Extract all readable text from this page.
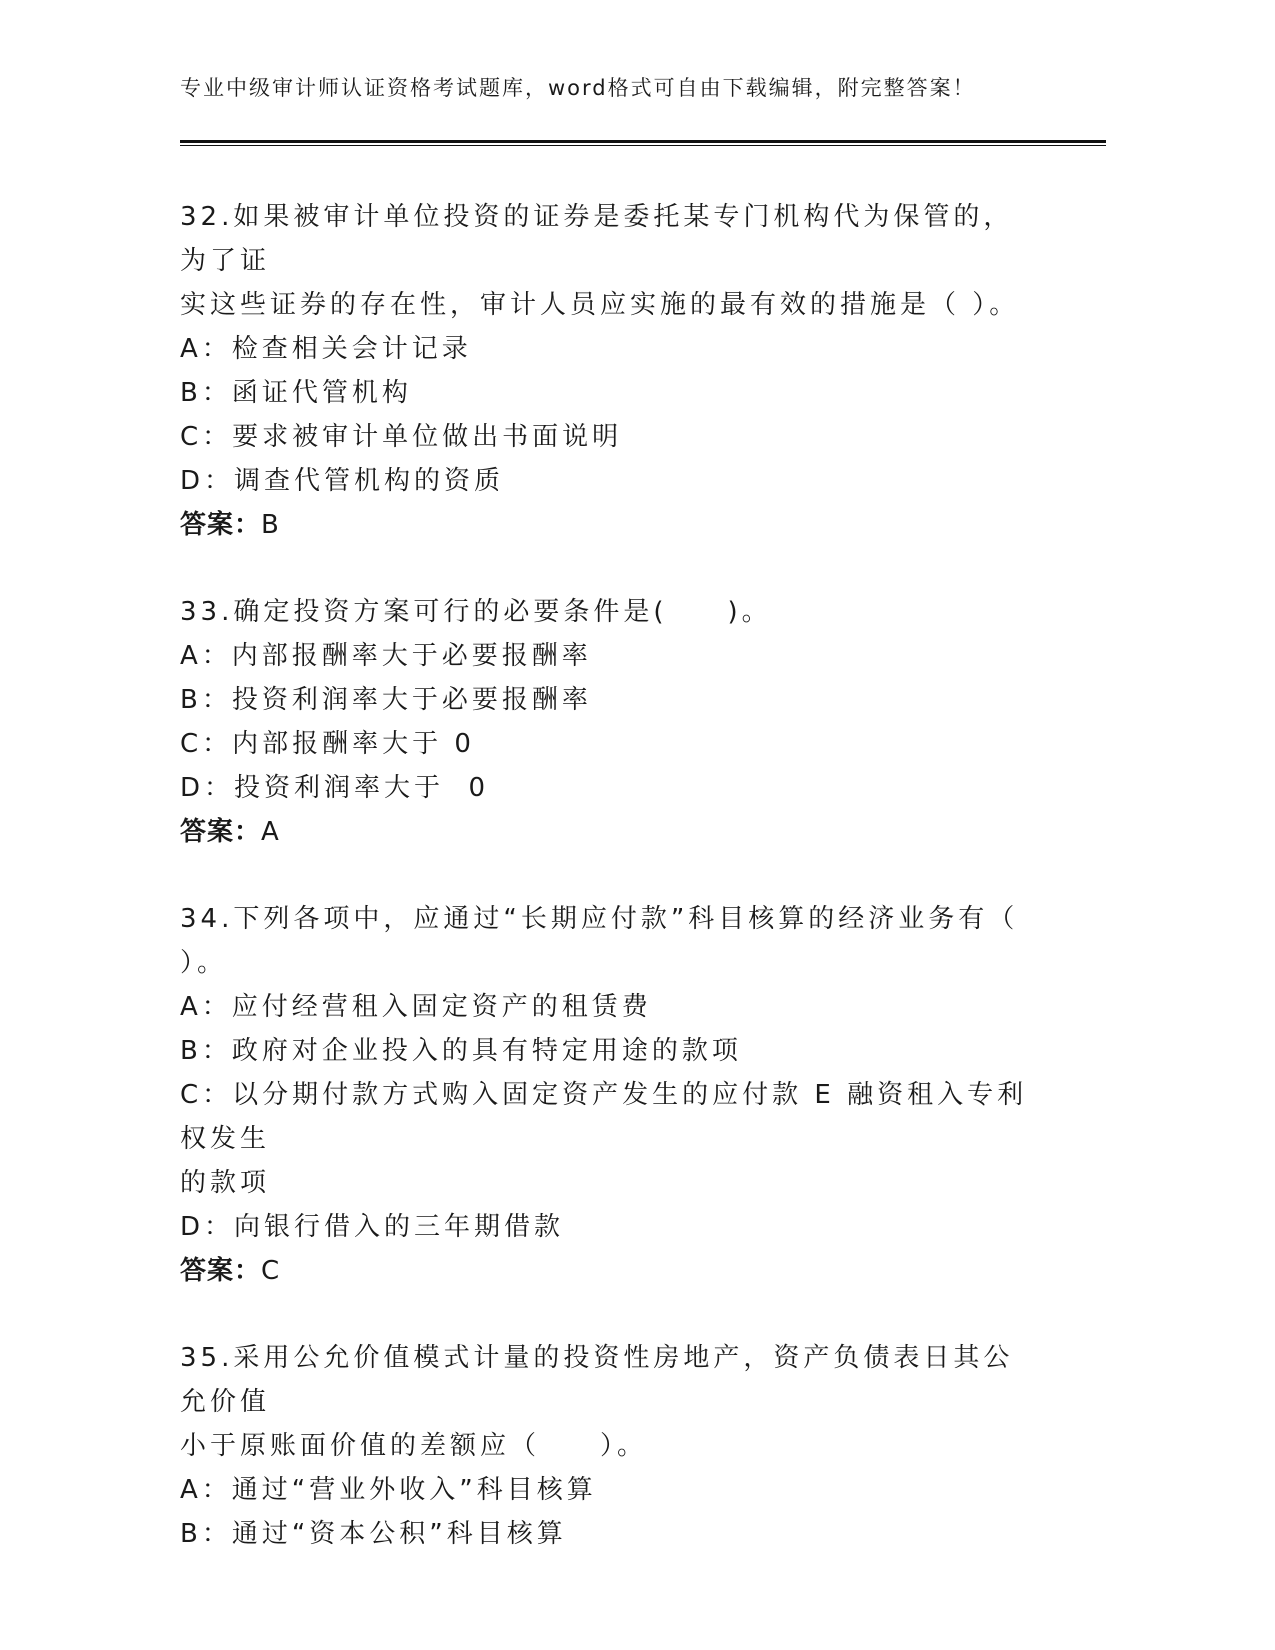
专业中级审计师认证资格考试题库，word格式可自由下载编辑，附完整答案！
32.如果被审计单位投资的证券是委托某专门机构代为保管的，为了证
实这些证券的存在性，审计人员应实施的最有效的措施是（ ）。
A：检查相关会计记录
B：函证代管机构
C：要求被审计单位做出书面说明
D：调查代管机构的资质
答案：B
33.确定投资方案可行的必要条件是(　　)。
A：内部报酬率大于必要报酬率
B：投资利润率大于必要报酬率
C：内部报酬率大于 0
D：投资利润率大于  0
答案：A
34.下列各项中，应通过“长期应付款”科目核算的经济业务有（
）。
A：应付经营租入固定资产的租赁费
B：政府对企业投入的具有特定用途的款项
C：以分期付款方式购入固定资产发生的应付款 E 融资租入专利权发生
的款项
D：向银行借入的三年期借款
答案：C
35.采用公允价值模式计量的投资性房地产，资产负债表日其公允价值
小于原账面价值的差额应（　　）。
A：通过“营业外收入”科目核算
B：通过“资本公积”科目核算
